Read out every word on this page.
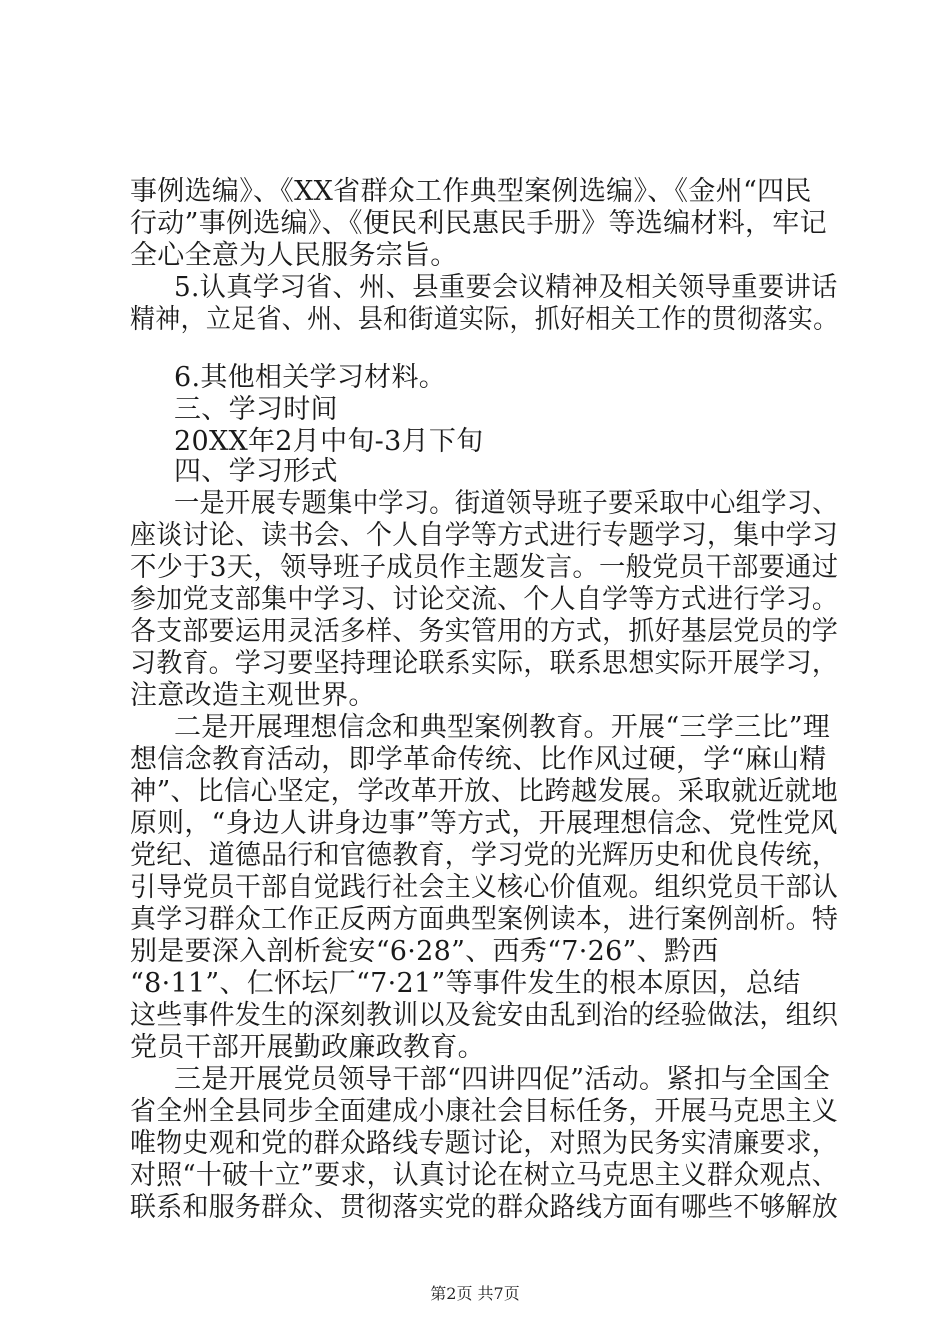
事例选编》、《XX省群众工作典型案例选编》、《金州“四民
行动”事例选编》、《便民利民惠民手册》等选编材料，牢记
全心全意为人民服务宗旨。
5.认真学习省、州、县重要会议精神及相关领导重要讲话
精神，立足省、州、县和街道实际，抓好相关工作的贯彻落实。
6.其他相关学习材料。
三、学习时间
20XX年2月中旬-3月下旬
四、学习形式
一是开展专题集中学习。街道领导班子要采取中心组学习、
座谈讨论、读书会、个人自学等方式进行专题学习，集中学习
不少于3天，领导班子成员作主题发言。一般党员干部要通过
参加党支部集中学习、讨论交流、个人自学等方式进行学习。
各支部要运用灵活多样、务实管用的方式，抓好基层党员的学
习教育。学习要坚持理论联系实际，联系思想实际开展学习，
注意改造主观世界。
二是开展理想信念和典型案例教育。开展“三学三比”理
想信念教育活动，即学革命传统、比作风过硬，学“麻山精
神”、比信心坚定，学改革开放、比跨越发展。采取就近就地
原则，“身边人讲身边事”等方式，开展理想信念、党性党风
党纪、道德品行和官德教育，学习党的光辉历史和优良传统，
引导党员干部自觉践行社会主义核心价值观。组织党员干部认
真学习群众工作正反两方面典型案例读本，进行案例剖析。特
别是要深入剖析瓮安“6·28”、西秀“7·26”、黔西
“8·11”、仁怀坛厂“7·21”等事件发生的根本原因，总结
这些事件发生的深刻教训以及瓮安由乱到治的经验做法，组织
党员干部开展勤政廉政教育。
三是开展党员领导干部“四讲四促”活动。紧扣与全国全
省全州全县同步全面建成小康社会目标任务，开展马克思主义
唯物史观和党的群众路线专题讨论，对照为民务实清廉要求，
对照“十破十立”要求，认真讨论在树立马克思主义群众观点、
联系和服务群众、贯彻落实党的群众路线方面有哪些不够解放
第2页 共7页
